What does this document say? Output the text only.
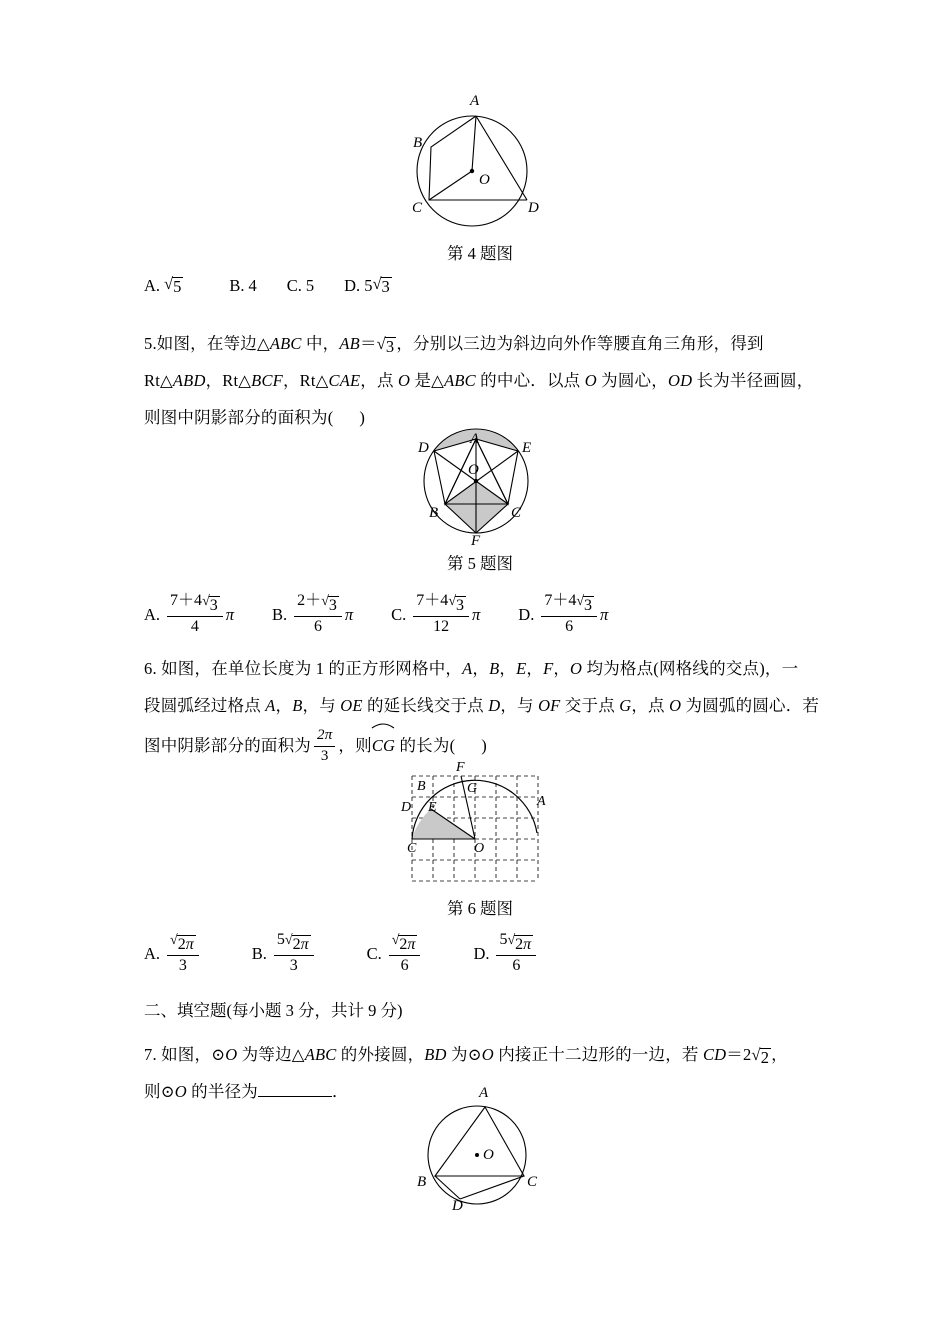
A
B
C	D
O
第 4 题图
A. √ 5	B. 4 C. 5 D. 5 √ 3
5.如图，在等边△ABC 中，AB＝ √ 3 ，分别以三边为斜边向外作等腰直角三角形，得到
Rt△ABD，Rt△BCF，Rt△CAE，点 O 是△ABC 的中心．以点 O 为圆心，OD 长为半径画圆，
则图中阴影部分的面积为( )
A
D	E
O
B	C
F
第 5 题图
A. $\frac{7+4 √ 3}{4}$ π B. $\frac{2+ √ 3}{6}$ π C. $\frac{7+4 √ 3}{12}$ π D. $\frac{7+4 √ 3}{6}$ π
6. 如图，在单位长度为 1 的正方形网格中，A，B，E，F，O 均为格点(网格线的交点)，一
段圆弧经过格点 A，B，与 OE 的延长线交于点 D，与 OF 交于点 G，点 O 为圆弧的圆心．若
图中阴影部分的面积为 $\frac{2\pi}{3}$ ，则
CG 的长为( )
F
B	G
A
D E
C	O
第 6 题图
A. $\frac{√ 2\pi}{3}$	B. $\frac{5 √ 2\pi}{3}$	C. $\frac{√ 2\pi}{6}$	D. $\frac{5 √ 2\pi}{6}$
二、填空题(每小题 3 分，共计 9 分)
7. 如图，⊙O 为等边△ABC 的外接圆，BD 为⊙O 内接正十二边形的一边，若 CD＝2 √ 2 ，
则⊙O 的半径为	．	A
O
B	C
D
